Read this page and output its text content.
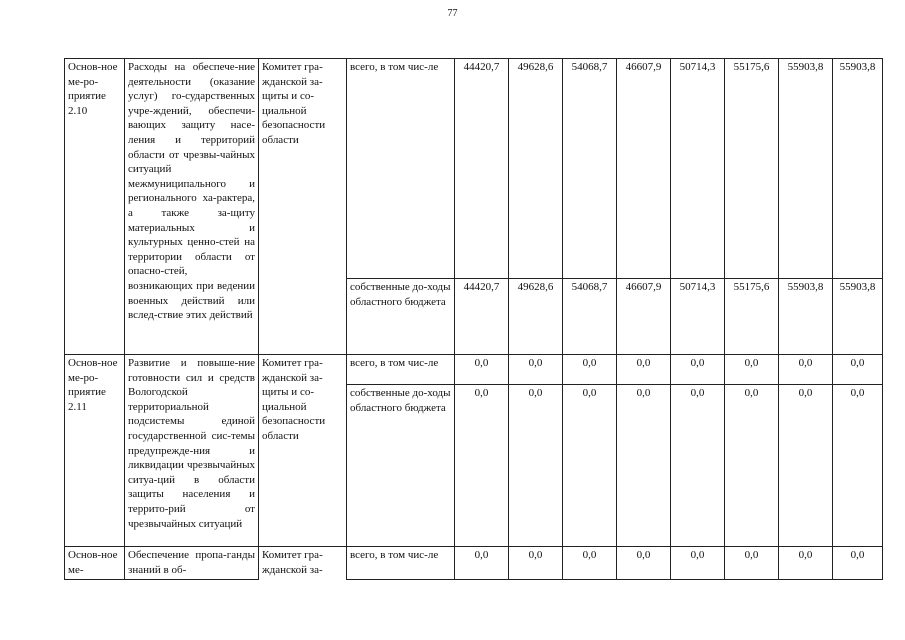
77
Основ-ное ме-ро-приятие 2.10	Расходы на обеспече-ние деятельности (оказание услуг) го-сударственных учре-ждений, обеспечи-вающих защиту насе-ления и территорий области от чрезвы-чайных ситуаций межмуниципального и регионального ха-рактера, а также за-щиту материальных и культурных ценно-стей на территории области от опасно-стей, возникающих при ведении военных действий или вслед-ствие этих действий	Комитет гра-жданской за-щиты и со-циальной безопасности области	всего, в том чис-ле	44420,7	49628,6	54068,7	46607,9	50714,3	55175,6	55903,8	55903,8
			собственные до-ходы областного бюджета	44420,7	49628,6	54068,7	46607,9	50714,3	55175,6	55903,8	55903,8
Основ-ное ме-ро-приятие 2.11	Развитие и повыше-ние готовности сил и средств Вологодской территориальной подсистемы единой государственной сис-темы предупрежде-ния и ликвидации чрезвычайных ситуа-ций в области защиты населения и террито-рий от чрезвычайных ситуаций	Комитет гра-жданской за-щиты и со-циальной безопасности области	всего, в том чис-ле	0,0	0,0	0,0	0,0	0,0	0,0	0,0	0,0
			собственные до-ходы областного бюджета	0,0	0,0	0,0	0,0	0,0	0,0	0,0	0,0
Основ-ное ме-	Обеспечение пропа-ганды знаний в об-	Комитет гра-жданской за-	всего, в том чис-ле	0,0	0,0	0,0	0,0	0,0	0,0	0,0	0,0
